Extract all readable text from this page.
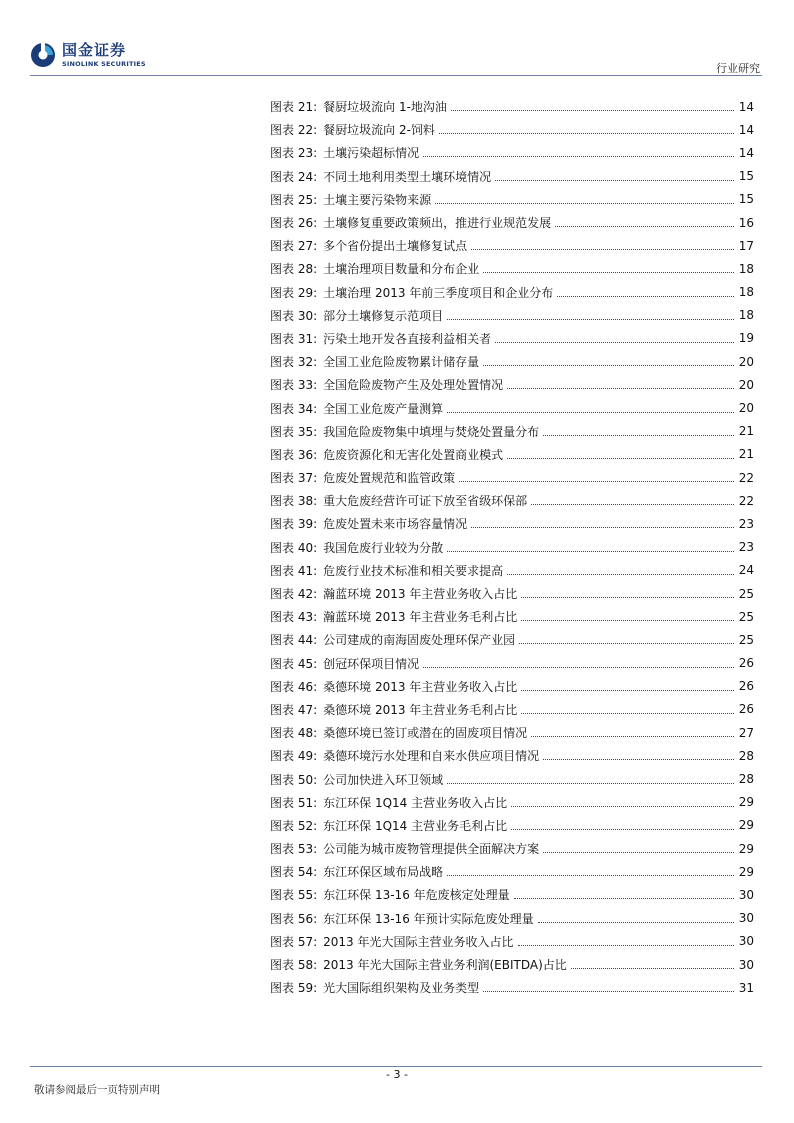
国金证券
SINOLINK SECURITIES	行业研究
图表 21: 餐厨垃圾流向 1-地沟油	14
图表 22: 餐厨垃圾流向 2-饲料	14
图表 23: 土壤污染超标情况	14
图表 24: 不同土地利用类型土壤环境情况	15
图表 25: 土壤主要污染物来源	15
图表 26: 土壤修复重要政策频出，推进行业规范发展	16
图表 27: 多个省份提出土壤修复试点	17
图表 28: 土壤治理项目数量和分布企业	18
图表 29: 土壤治理 2013 年前三季度项目和企业分布	18
图表 30: 部分土壤修复示范项目	18
图表 31: 污染土地开发各直接利益相关者	19
图表 32: 全国工业危险废物累计储存量	20
图表 33: 全国危险废物产生及处理处置情况	20
图表 34: 全国工业危废产量测算	20
图表 35: 我国危险废物集中填埋与焚烧处置量分布	21
图表 36: 危废资源化和无害化处置商业模式	21
图表 37: 危废处置规范和监管政策	22
图表 38: 重大危废经营许可证下放至省级环保部	22
图表 39: 危废处置未来市场容量情况	23
图表 40: 我国危废行业较为分散	23
图表 41: 危废行业技术标准和相关要求提高	24
图表 42: 瀚蓝环境 2013 年主营业务收入占比	25
图表 43: 瀚蓝环境 2013 年主营业务毛利占比	25
图表 44: 公司建成的南海固废处理环保产业园	25
图表 45: 创冠环保项目情况	26
图表 46: 桑德环境 2013 年主营业务收入占比	26
图表 47: 桑德环境 2013 年主营业务毛利占比	26
图表 48: 桑德环境已签订或潜在的固废项目情况	27
图表 49: 桑德环境污水处理和自来水供应项目情况	28
图表 50: 公司加快进入环卫领域	28
图表 51: 东江环保 1Q14 主营业务收入占比	29
图表 52: 东江环保 1Q14 主营业务毛利占比	29
图表 53: 公司能为城市废物管理提供全面解决方案	29
图表 54: 东江环保区域布局战略	29
图表 55: 东江环保 13-16 年危废核定处理量	30
图表 56: 东江环保 13-16 年预计实际危废处理量	30
图表 57: 2013 年光大国际主营业务收入占比	30
图表 58: 2013 年光大国际主营业务利润(EBITDA)占比	30
图表 59: 光大国际组织架构及业务类型	31
- 3 -
敬请参阅最后一页特别声明
